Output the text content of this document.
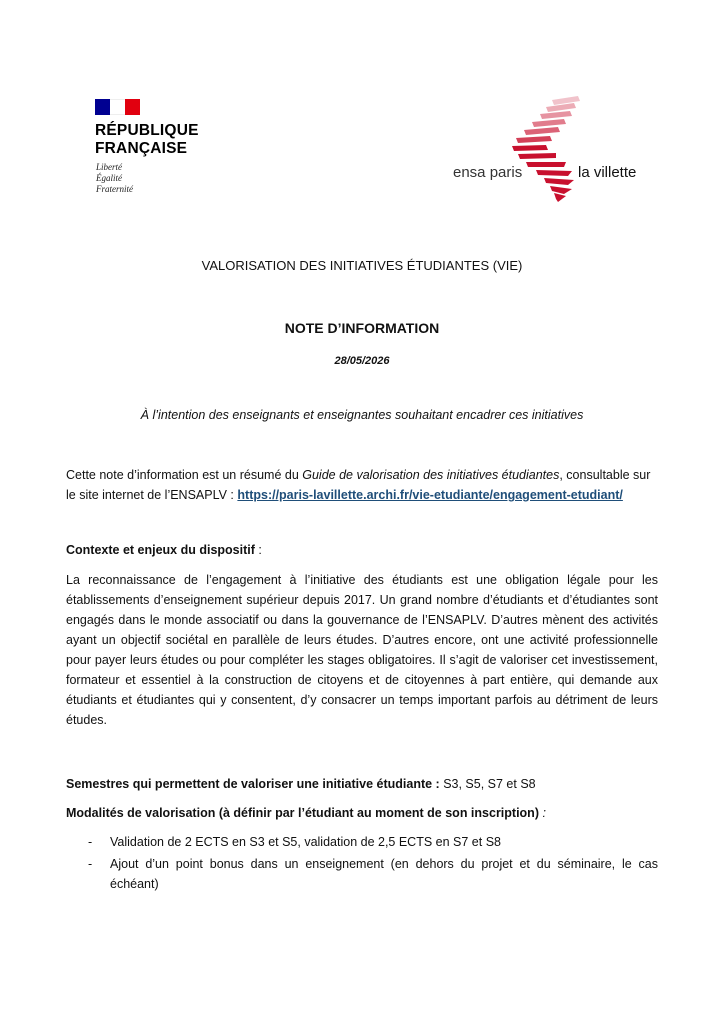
RÉPUBLIQUE
FRANÇAISE
Liberté
Égalité
Fraternité
ensa paris	la villette
VALORISATION DES INITIATIVES ÉTUDIANTES (VIE)
NOTE D’INFORMATION
28/05/2026
À l’intention des enseignants et enseignantes souhaitant encadrer ces initiatives
Cette note d’information est un résumé du Guide de valorisation des initiatives étudiantes, consultable sur le site internet de l’ENSAPLV : https://paris-lavillette.archi.fr/vie-etudiante/engagement-etudiant/
Contexte et enjeux du dispositif :
La reconnaissance de l’engagement à l’initiative des étudiants est une obligation légale pour les établissements d’enseignement supérieur depuis 2017. Un grand nombre d’étudiants et d’étudiantes sont engagés dans le monde associatif ou dans la gouvernance de l’ENSAPLV. D’autres mènent des activités ayant un objectif sociétal en parallèle de leurs études. D’autres encore, ont une activité professionnelle pour payer leurs études ou pour compléter les stages obligatoires. Il s’agit de valoriser cet investissement, formateur et essentiel à la construction de citoyens et de citoyennes à part entière, qui demande aux étudiants et étudiantes qui y consentent, d’y consacrer un temps important parfois au détriment de leurs études.
Semestres qui permettent de valoriser une initiative étudiante : S3, S5, S7 et S8
Modalités de valorisation (à définir par l’étudiant au moment de son inscription) :
- Validation de 2 ECTS en S3 et S5, validation de 2,5 ECTS en S7 et S8
- Ajout d’un point bonus dans un enseignement (en dehors du projet et du séminaire, le cas échéant)
